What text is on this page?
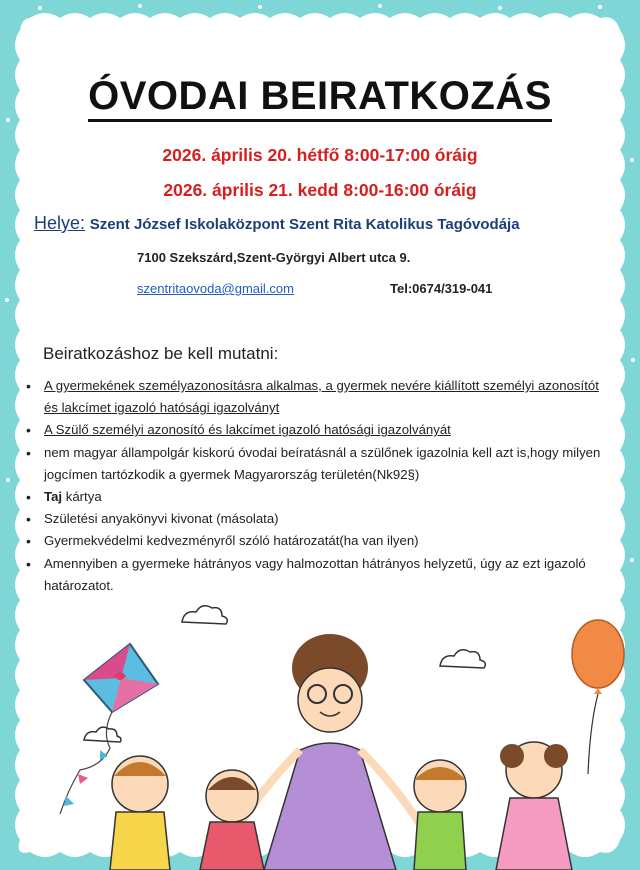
ÓVODAI BEIRATKOZÁS
2026. április 20. hétfő 8:00-17:00 óráig
2026. április 21. kedd 8:00-16:00 óráig
Helye: Szent József Iskolaközpont Szent Rita Katolikus Tagóvodája
7100 Szekszárd,Szent-Györgyi Albert utca 9.
szentritaovoda@gmail.com	Tel:0674/319-041
Beiratkozáshoz be kell mutatni:
• A gyermekének személyazonosításra alkalmas, a gyermek nevére kiállított személyi azonosítót és lakcímet igazoló hatósági igazolványt
• A Szülő személyi azonosító és lakcímet igazoló hatósági igazolványát
• nem magyar állampolgár kiskorú óvodai beíratásnál a szülőnek igazolnia kell azt is,hogy milyen jogcímen tartózkodik a gyermek Magyarország területén(Nk92§)
• Taj kártya
• Születési anyakönyvi kivonat (másolata)
• Gyermekvédelmi kedvezményről szóló határozatát(ha van ilyen)
• Amennyiben a gyermeke hátrányos vagy halmozottan hátrányos helyzetű, úgy az ezt igazoló határozatot.
